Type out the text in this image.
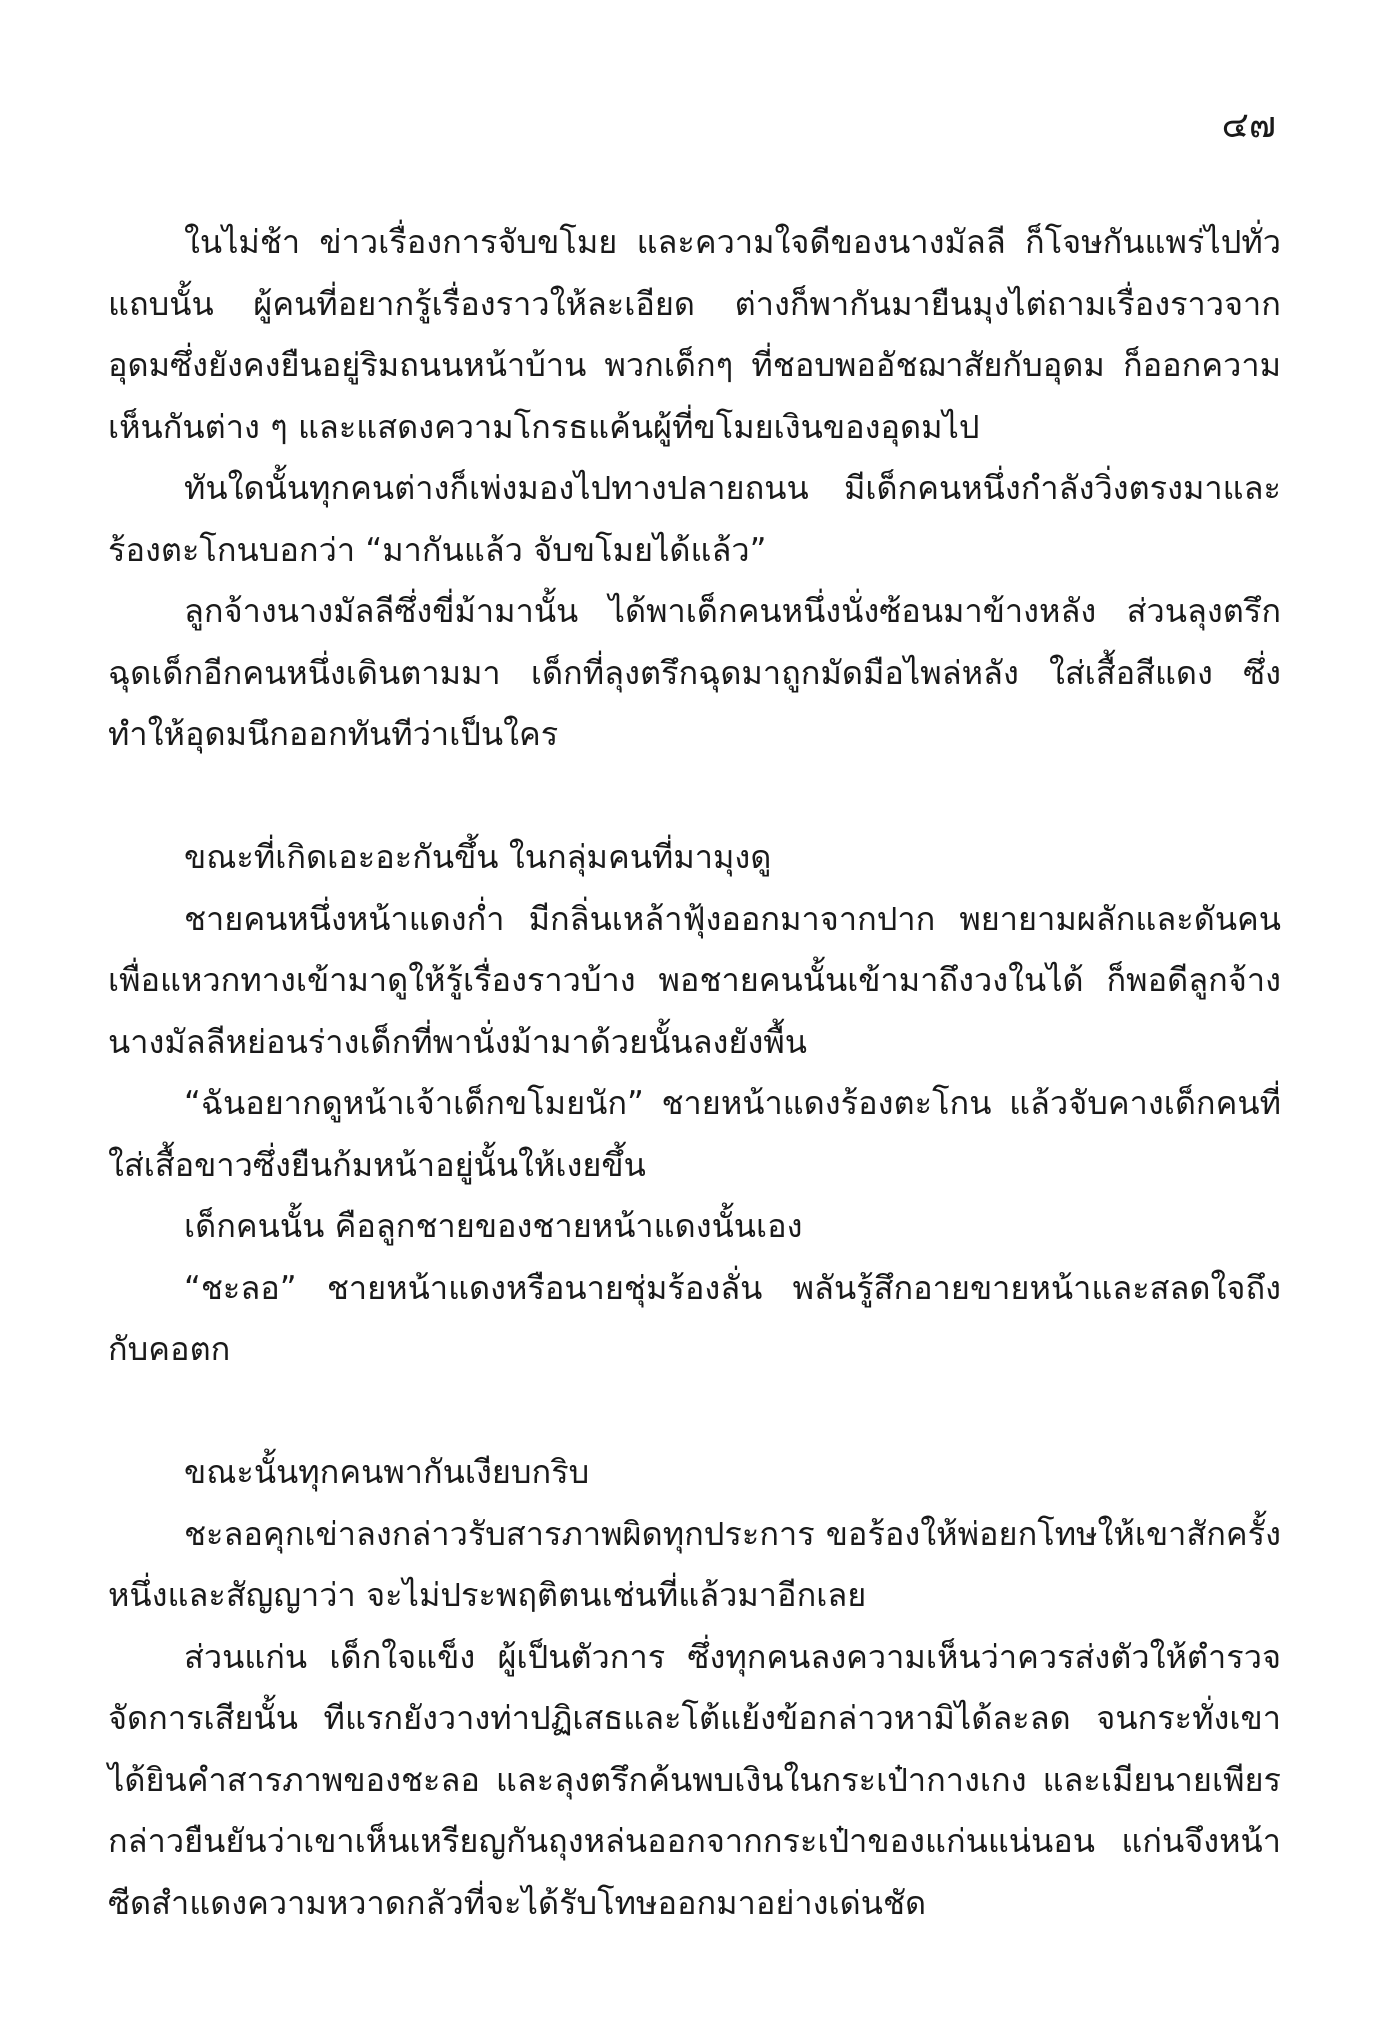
๔๗

ในไม่ช้า ข่าวเรื่องการจับขโมย และความใจดีของนางมัลลี ก็โจษกันแพร่ไปทั่วแถบนั้น ผู้คนที่อยากรู้เรื่องราวให้ละเอียด ต่างก็พากันมายืนมุงไต่ถามเรื่องราวจากอุดมซึ่งยังคงยืนอยู่ริมถนนหน้าบ้าน พวกเด็กๆ ที่ชอบพออัชฌาสัยกับอุดม ก็ออกความเห็นกันต่าง ๆ และแสดงความโกรธแค้นผู้ที่ขโมยเงินของอุดมไป

ทันใดนั้นทุกคนต่างก็เพ่งมองไปทางปลายถนน มีเด็กคนหนึ่งกำลังวิ่งตรงมาและร้องตะโกนบอกว่า “มากันแล้ว จับขโมยได้แล้ว”

ลูกจ้างนางมัลลีซึ่งขี่ม้ามานั้น ได้พาเด็กคนหนึ่งนั่งซ้อนมาข้างหลัง ส่วนลุงตรึกฉุดเด็กอีกคนหนึ่งเดินตามมา เด็กที่ลุงตรึกฉุดมาถูกมัดมือไพล่หลัง ใส่เสื้อสีแดง ซึ่งทำให้อุดมนึกออกทันทีว่าเป็นใคร

ขณะที่เกิดเอะอะกันขึ้น ในกลุ่มคนที่มามุงดู

ชายคนหนึ่งหน้าแดงก่ำ มีกลิ่นเหล้าฟุ้งออกมาจากปาก พยายามผลักและดันคนเพื่อแหวกทางเข้ามาดูให้รู้เรื่องราวบ้าง พอชายคนนั้นเข้ามาถึงวงในได้ ก็พอดีลูกจ้างนางมัลลีหย่อนร่างเด็กที่พานั่งม้ามาด้วยนั้นลงยังพื้น

“ฉันอยากดูหน้าเจ้าเด็กขโมยนัก” ชายหน้าแดงร้องตะโกน แล้วจับคางเด็กคนที่ใส่เสื้อขาวซึ่งยืนก้มหน้าอยู่นั้นให้เงยขึ้น

เด็กคนนั้น คือลูกชายของชายหน้าแดงนั้นเอง

“ชะลอ” ชายหน้าแดงหรือนายชุ่มร้องลั่น พลันรู้สึกอายขายหน้าและสลดใจถึงกับคอตก

ขณะนั้นทุกคนพากันเงียบกริบ

ชะลอคุกเข่าลงกล่าวรับสารภาพผิดทุกประการ ขอร้องให้พ่อยกโทษให้เขาสักครั้งหนึ่งและสัญญาว่า จะไม่ประพฤติตนเช่นที่แล้วมาอีกเลย

ส่วนแก่น เด็กใจแข็ง ผู้เป็นตัวการ ซึ่งทุกคนลงความเห็นว่าควรส่งตัวให้ตำรวจจัดการเสียนั้น ทีแรกยังวางท่าปฏิเสธและโต้แย้งข้อกล่าวหามิได้ละลด จนกระทั่งเขาได้ยินคำสารภาพของชะลอ และลุงตรึกค้นพบเงินในกระเป๋ากางเกง และเมียนายเพียรกล่าวยืนยันว่าเขาเห็นเหรียญกันถุงหล่นออกจากกระเป๋าของแก่นแน่นอน แก่นจึงหน้าซีดสำแดงความหวาดกลัวที่จะได้รับโทษออกมาอย่างเด่นชัด
